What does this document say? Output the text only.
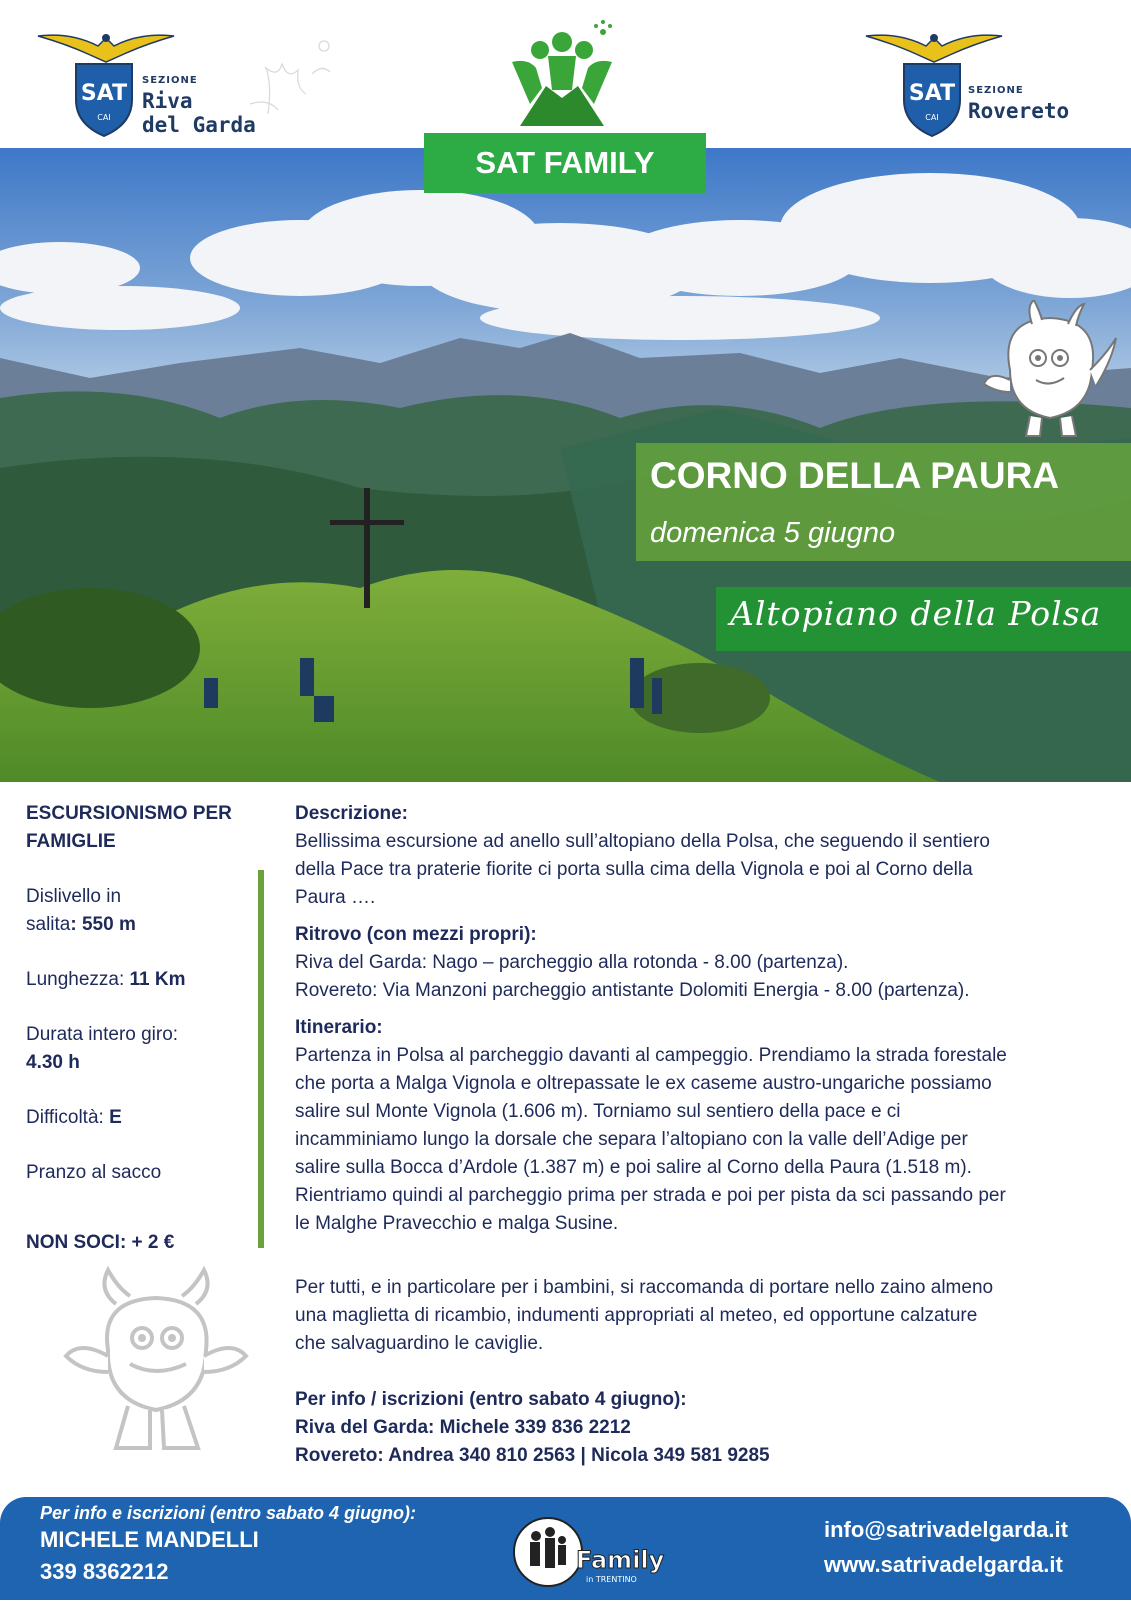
SAT
CAI
SEZIONE
Riva
del Garda
SAT
CAI
SEZIONE
Rovereto
SAT FAMILY
CORNO DELLA PAURA
domenica 5 giugno
Altopiano della Polsa
ESCURSIONISMO PER
FAMIGLIE
Dislivello in
salita: 550 m
Lunghezza: 11 Km
Durata intero giro:
4.30 h
Difficoltà: E
Pranzo al sacco
NON SOCI: + 2 €

Descrizione:

Bellissima escursione ad anello sull’altopiano della Polsa, che seguendo il sentiero

della Pace tra praterie fiorite ci porta sulla cima della Vignola e poi al Corno della

Paura ….

Ritrovo (con mezzi propri):

Riva del Garda: Nago – parcheggio alla rotonda - 8.00 (partenza).

Rovereto: Via Manzoni parcheggio antistante Dolomiti Energia - 8.00 (partenza).

Itinerario:

Partenza in Polsa al parcheggio davanti al campeggio. Prendiamo la strada forestale

che porta a Malga Vignola e oltrepassate le ex caseme austro-ungariche possiamo

salire sul Monte Vignola (1.606 m). Torniamo sul sentiero della pace e ci

incamminiamo lungo la dorsale che separa l’altopiano con la valle dell’Adige per

salire sulla Bocca d’Ardole (1.387 m) e poi salire al Corno della Paura (1.518 m).

Rientriamo quindi al parcheggio prima per strada e poi per pista da sci passando per

le Malghe Pravecchio e malga Susine.

Per tutti, e in particolare per i bambini, si raccomanda di portare nello zaino almeno

una maglietta di ricambio, indumenti appropriati al meteo, ed opportune calzature

che salvaguardino le caviglie.

Per info / iscrizioni (entro sabato 4 giugno):

Riva del Garda: Michele 339 836 2212

Rovereto: Andrea 340 810 2563 | Nicola 349 581 9285

Per info e iscrizioni (entro sabato 4 giugno):
MICHELE MANDELLI
339 8362212	Family
in TRENTINO
info@satrivadelgarda.it
www.satrivadelgarda.it
